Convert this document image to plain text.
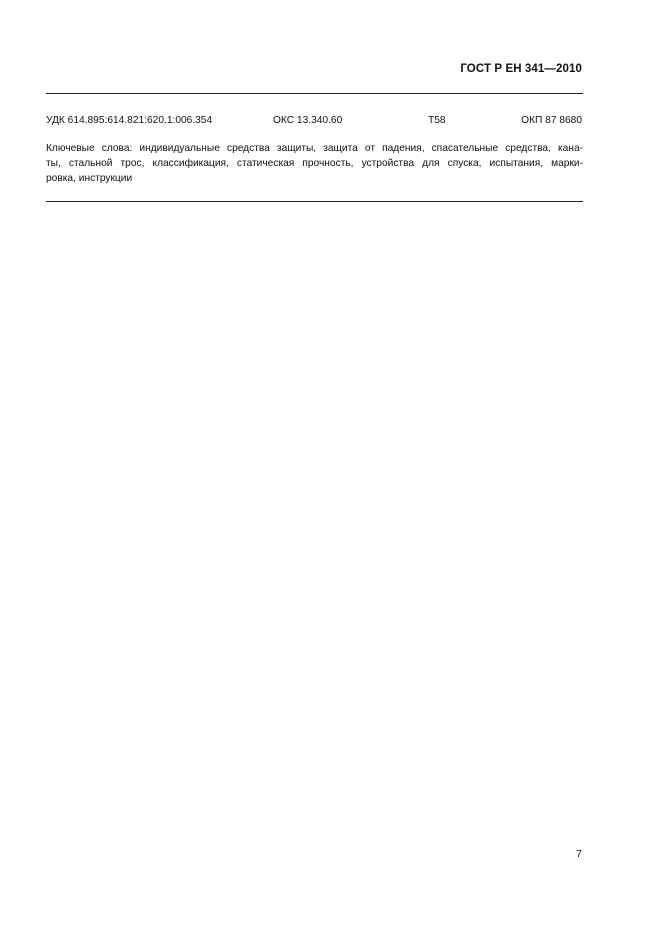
ГОСТ Р ЕН 341—2010
УДК 614.895:614.821:620.1:006.354	ОКС 13.340.60	Т58	ОКП 87 8680
Ключевые слова: индивидуальные средства защиты, защита от падения, спасательные средства, кана-
ты, стальной трос, классификация, статическая прочность, устройства для спуска, испытания, марки-
ровка, инструкции
7
